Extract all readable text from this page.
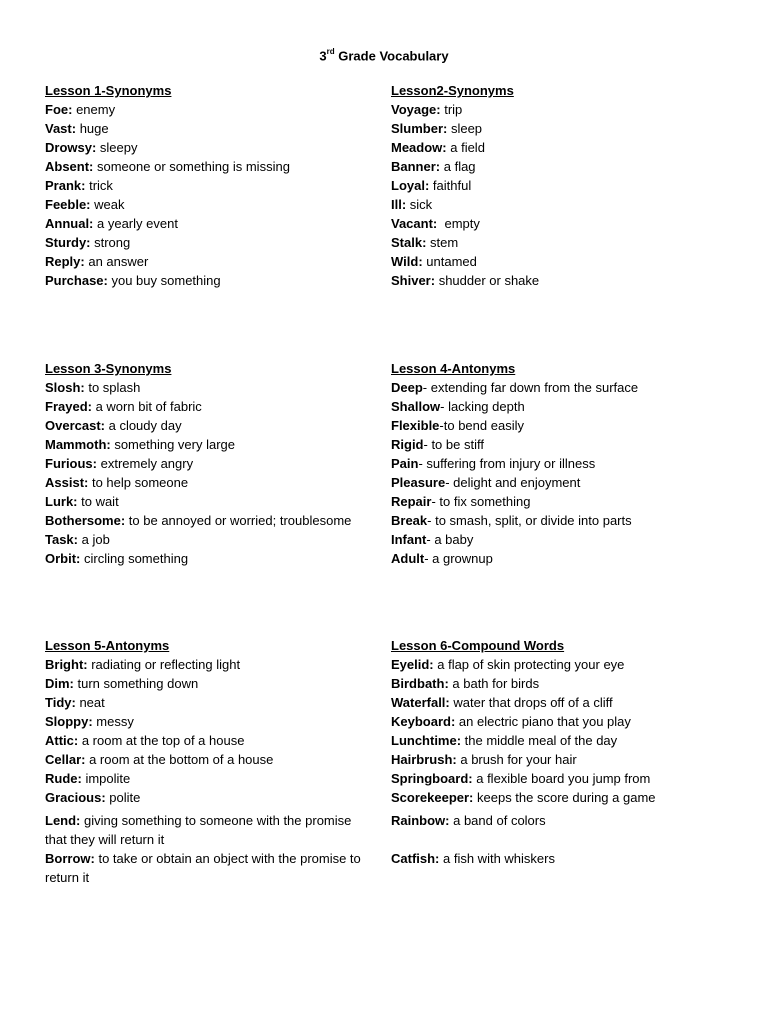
3rd Grade Vocabulary
Lesson 1-Synonyms
Foe: enemy
Vast: huge
Drowsy: sleepy
Absent: someone or something is missing
Prank: trick
Feeble: weak
Annual: a yearly event
Sturdy: strong
Reply: an answer
Purchase: you buy something
Lesson2-Synonyms
Voyage: trip
Slumber: sleep
Meadow: a field
Banner: a flag
Loyal: faithful
Ill: sick
Vacant:  empty
Stalk: stem
Wild: untamed
Shiver: shudder or shake
Lesson 3-Synonyms
Slosh: to splash
Frayed: a worn bit of fabric
Overcast: a cloudy day
Mammoth: something very large
Furious: extremely angry
Assist: to help someone
Lurk: to wait
Bothersome: to be annoyed or worried; troublesome
Task: a job
Orbit: circling something
Lesson 4-Antonyms
Deep- extending far down from the surface
Shallow- lacking depth
Flexible-to bend easily
Rigid- to be stiff
Pain- suffering from injury or illness
Pleasure- delight and enjoyment
Repair- to fix something
Break- to smash, split, or divide into parts
Infant- a baby
Adult- a grownup
Lesson 5-Antonyms
Bright: radiating or reflecting light
Dim: turn something down
Tidy: neat
Sloppy: messy
Attic: a room at the top of a house
Cellar: a room at the bottom of a house
Rude: impolite
Gracious: polite
Lend: giving something to someone with the promise that they will return it
Borrow: to take or obtain an object with the promise to return it
Lesson 6-Compound Words
Eyelid: a flap of skin protecting your eye
Birdbath: a bath for birds
Waterfall: water that drops off of a cliff
Keyboard: an electric piano that you play
Lunchtime: the middle meal of the day
Hairbrush: a brush for your hair
Springboard: a flexible board you jump from
Scorekeeper: keeps the score during a game
Rainbow: a band of colors
Catfish: a fish with whiskers
